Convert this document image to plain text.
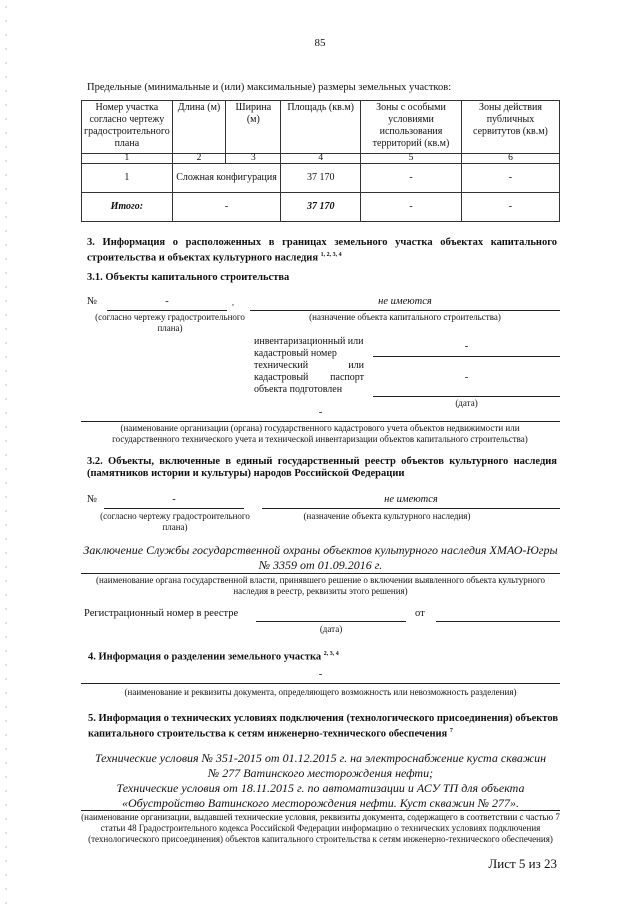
85
Предельные (минимальные и (или) максимальные) размеры земельных участков:
Номер участка согласно чертежу градостроительного плана	Длина (м)	Ширина (м)	Площадь (кв.м)	Зоны с особыми условиями использования территорий (кв.м)	Зоны действия публичных сервитутов (кв.м)
1	2	3	4	5	6
1	Сложная конфигурация		37 170	-	-
Итого:	-		37 170	-	-
3. Информация о расположенных в границах земельного участка объектах капитального строительства и объектах культурного наследия $^{1, 2, 3, 4}$
3.1. Объекты капитального строительства
№	-	,
(согласно чертежу градостроительного плана)
не имеются
(назначение объекта капитального строительства)
инвентаризационный или кадастровый номер
-
технический или кадастровый паспорт объекта подготовлен
-
(дата)
-
(наименование организации (органа) государственного кадастрового учета объектов недвижимости или государственного технического учета и технической инвентаризации объектов капитального строительства)
3.2. Объекты, включенные в единый государственный реестр объектов культурного наследия (памятников истории и культуры) народов Российской Федерации
№	-
(согласно чертежу градостроительного плана)
не имеются
(назначение объекта культурного наследия)
Заключение Службы государственной охраны объектов культурного наследия ХМАО-Югры
№ 3359 от 01.09.2016 г.
(наименование органа государственной власти, принявшего решение о включении выявленного объекта культурного наследия в реестр, реквизиты этого решения)
Регистрационный номер в реестре	от
(дата)
4. Информация о разделении земельного участка $^{2, 3, 4}$
-
(наименование и реквизиты документа, определяющего возможность или невозможность разделения)
5. Информация о технических условиях подключения (технологического присоединения) объектов капитального строительства к сетям инженерно-технического обеспечения $^7$
Технические условия № 351-2015 от 01.12.2015 г. на электроснабжение куста скважин
№ 277 Ватинского месторождения нефти;
Технические условия от 18.11.2015 г. по автоматизации и АСУ ТП для объекта
«Обустройство Ватинского месторождения нефти. Куст скважин № 277».
(наименование организации, выдавшей технические условия, реквизиты документа, содержащего в соответствии с частью 7 статьи 48 Градостроительного кодекса Российской Федерации информацию о технических условиях подключения (технологического присоединения) объектов капитального строительства к сетям инженерно-технического обеспечения)
Лист 5 из 23
